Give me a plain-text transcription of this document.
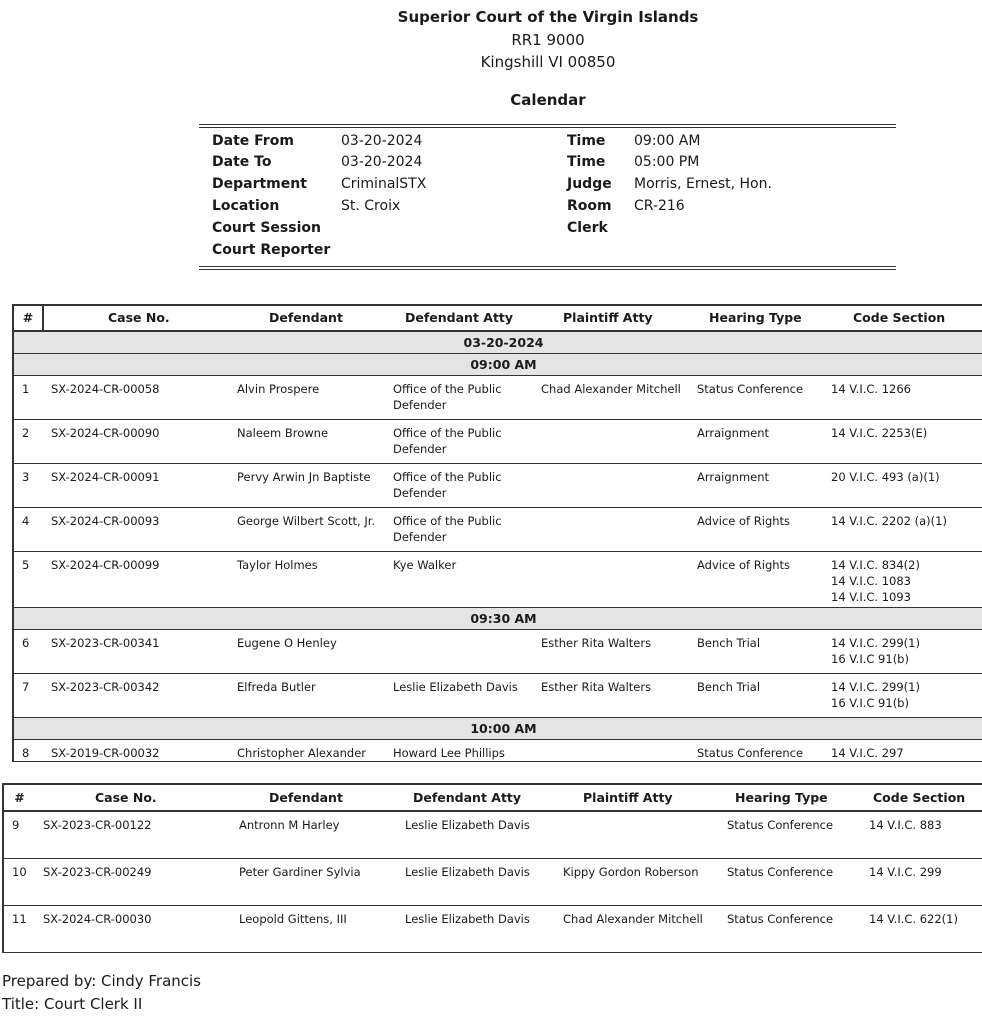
Superior Court of the Virgin Islands
RR1 9000
Kingshill VI 00850
Calendar
Date From	03-20-2024
Date To	03-20-2024
Department CriminalSTX
Location	St. Croix
Court Session
Court Reporter
Time 09:00 AM
Time 05:00 PM
Judge Morris, Ernest, Hon.
Room CR-216
Clerk
#	Case No.	Defendant	Defendant Atty	Plaintiff Atty	Hearing Type	Code Section
03-20-2024						
09:00 AM						
1	SX-2024-CR-00058	Alvin Prospere	Office of the Public Defender	Chad Alexander Mitchell	Status Conference	14 V.I.C. 1266
2	SX-2024-CR-00090	Naleem Browne	Office of the Public Defender		Arraignment	14 V.I.C. 2253(E)
3	SX-2024-CR-00091	Pervy Arwin Jn Baptiste	Office of the Public Defender		Arraignment	20 V.I.C. 493 (a)(1)
4	SX-2024-CR-00093	George Wilbert Scott, Jr.	Office of the Public Defender		Advice of Rights	14 V.I.C. 2202 (a)(1)
5	SX-2024-CR-00099	Taylor Holmes	Kye Walker		Advice of Rights	14 V.I.C. 834(2)
14 V.I.C. 1083
14 V.I.C. 1093
09:30 AM						
6	SX-2023-CR-00341	Eugene O Henley		Esther Rita Walters	Bench Trial	14 V.I.C. 299(1)
16 V.I.C 91(b)
7	SX-2023-CR-00342	Elfreda Butler	Leslie Elizabeth Davis	Esther Rita Walters	Bench Trial	14 V.I.C. 299(1)
16 V.I.C 91(b)
10:00 AM						
8	SX-2019-CR-00032	Christopher Alexander	Howard Lee Phillips		Status Conference	14 V.I.C. 297
#	Case No.	Defendant	Defendant Atty	Plaintiff Atty	Hearing Type	Code Section
9	SX-2023-CR-00122	Antronn M Harley	Leslie Elizabeth Davis		Status Conference	14 V.I.C. 883
10	SX-2023-CR-00249	Peter Gardiner Sylvia	Leslie Elizabeth Davis	Kippy Gordon Roberson	Status Conference	14 V.I.C. 299
11	SX-2024-CR-00030	Leopold Gittens, III	Leslie Elizabeth Davis	Chad Alexander Mitchell	Status Conference	14 V.I.C. 622(1)
Prepared by: Cindy Francis
Title: Court Clerk II
